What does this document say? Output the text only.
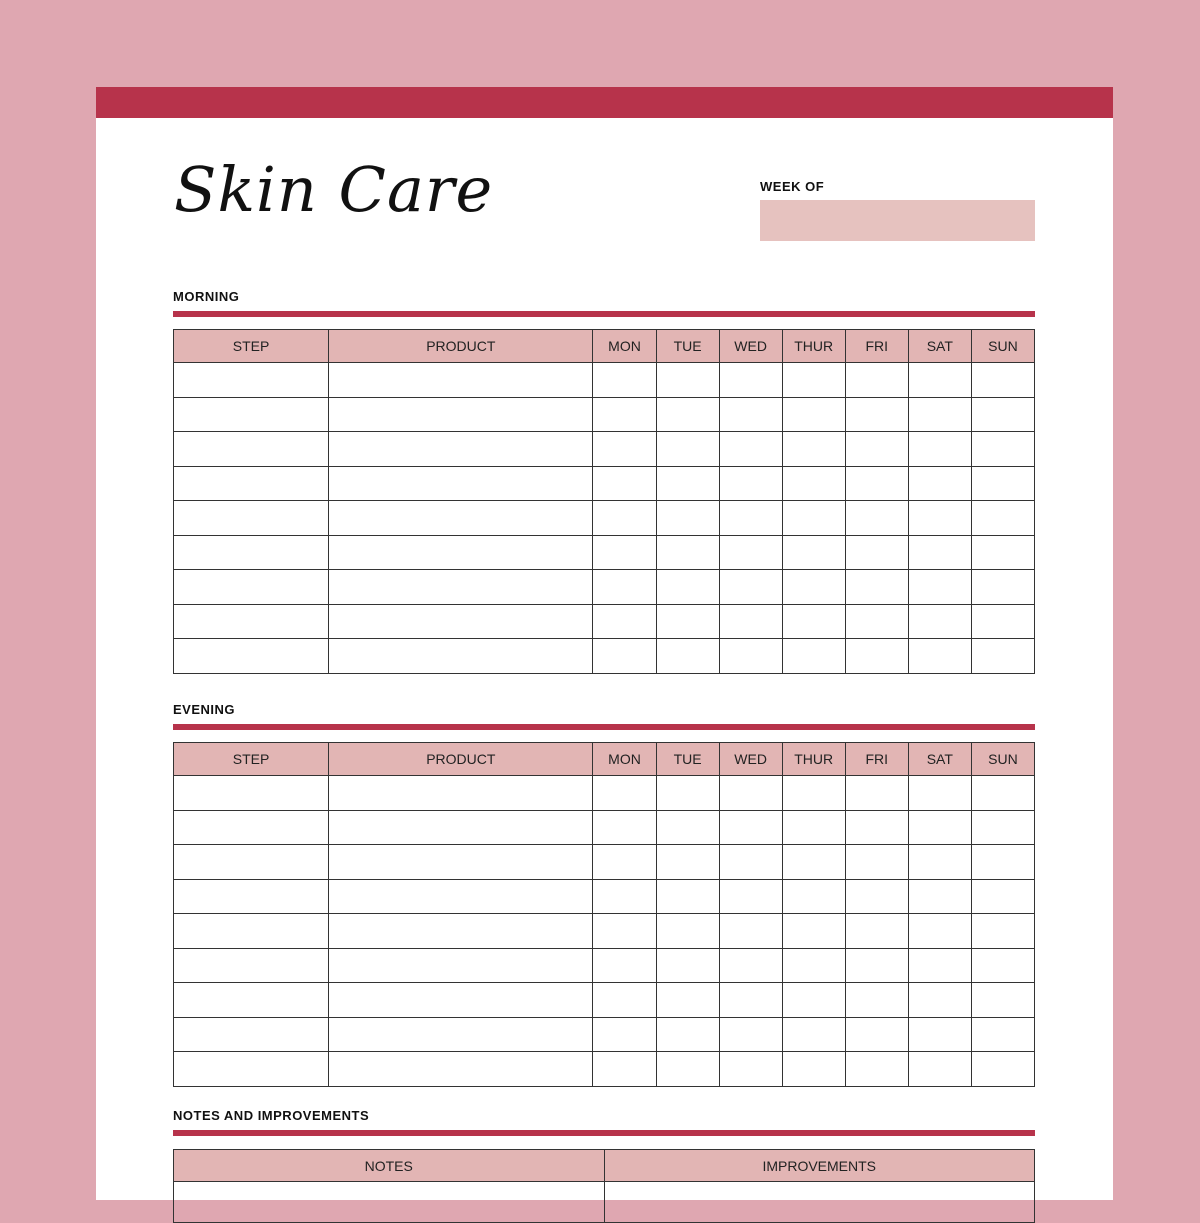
Skin Care	WEEK OF
MORNING
STEP	PRODUCT	MON	TUE	WED	THUR	FRI	SAT	SUN

EVENING
STEP	PRODUCT	MON	TUE	WED	THUR	FRI	SAT	SUN

NOTES AND IMPROVEMENTS
NOTES	IMPROVEMENTS
